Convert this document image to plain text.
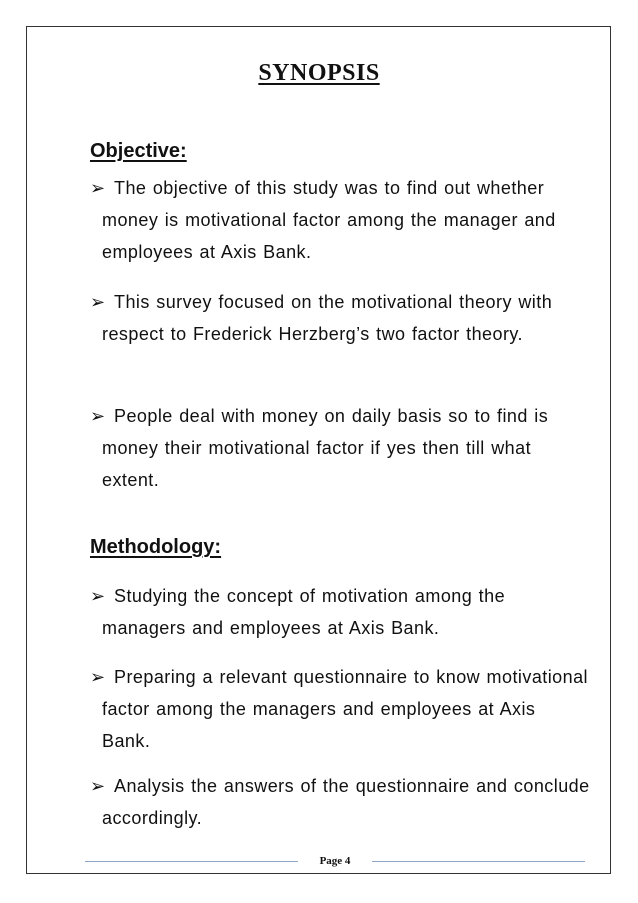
SYNOPSIS
Objective:
➢ The objective of this study was to find out whether money is motivational factor among the manager and employees at Axis Bank.
➢ This survey focused on the motivational theory with respect to Frederick Herzberg’s two factor theory.
➢ People deal with money on daily basis so to find is money their motivational factor if yes then till what extent.
Methodology:
➢ Studying the concept of motivation among the managers and employees at Axis Bank.
➢ Preparing a relevant questionnaire to know motivational factor among the managers and employees at Axis Bank.
➢ Analysis the answers of the questionnaire and conclude accordingly.
Page 4
